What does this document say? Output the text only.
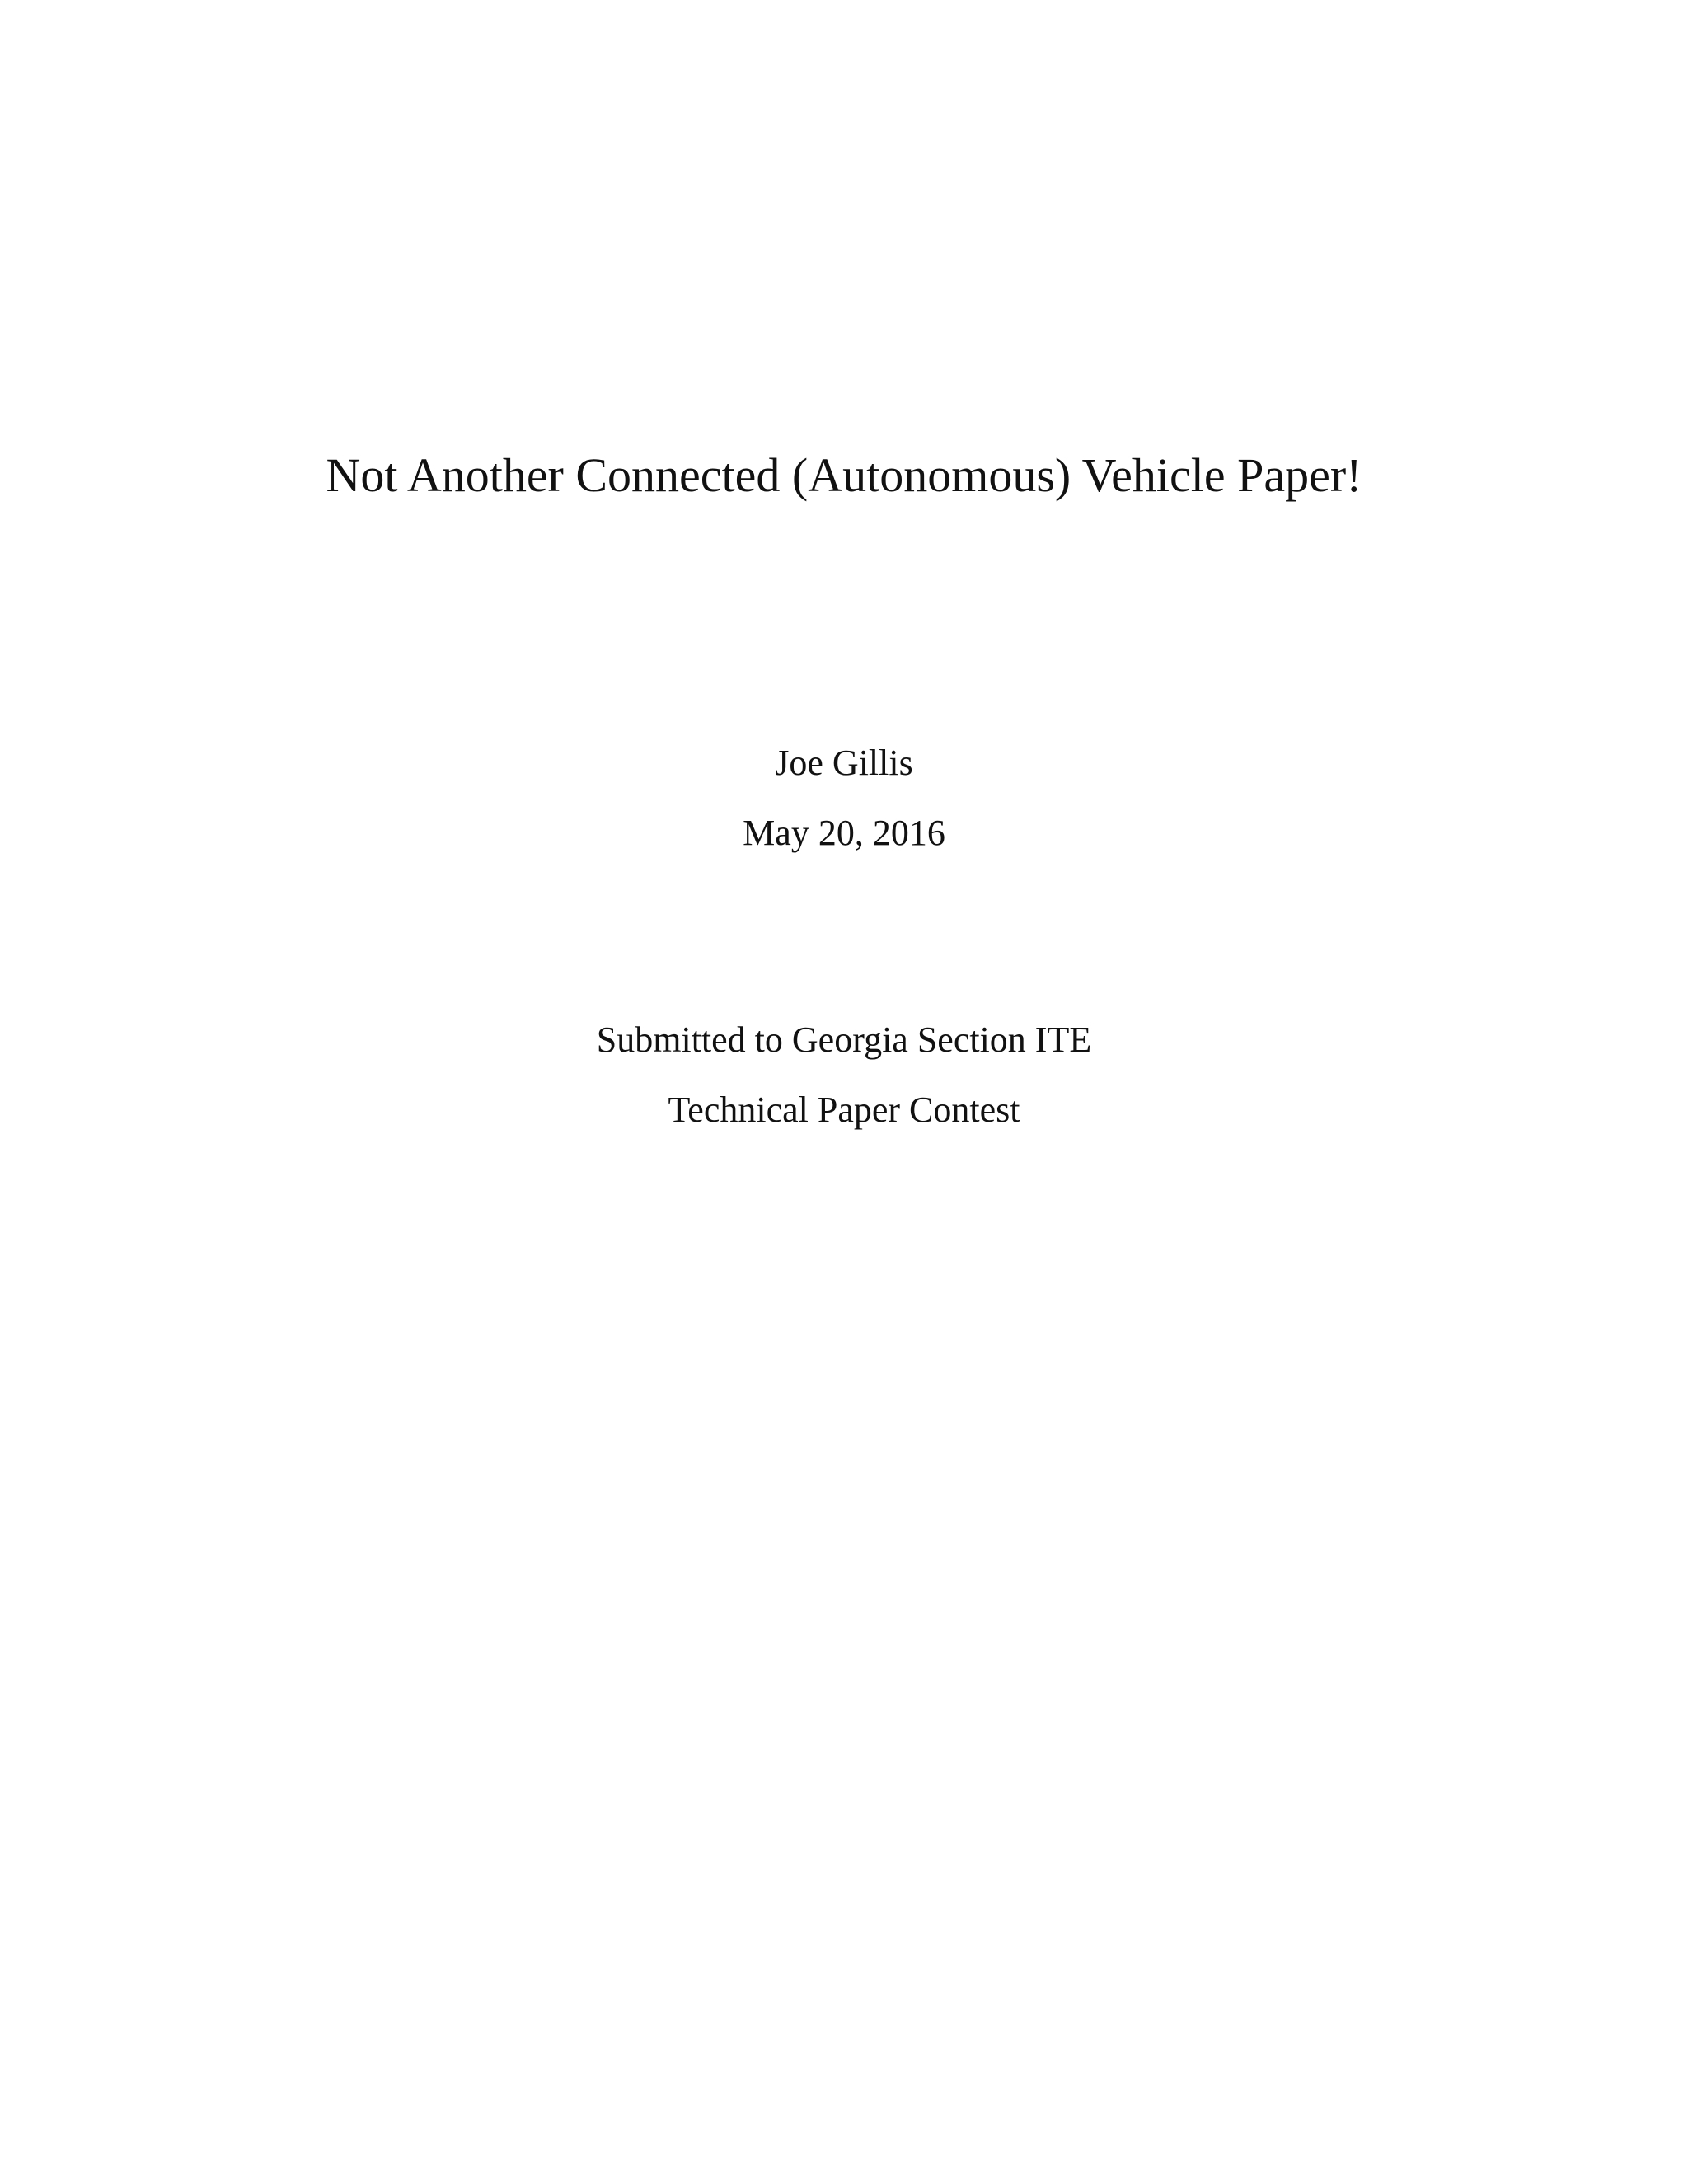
Not Another Connected (Autonomous) Vehicle Paper!
Joe Gillis
May 20, 2016
Submitted to Georgia Section ITE
Technical Paper Contest
